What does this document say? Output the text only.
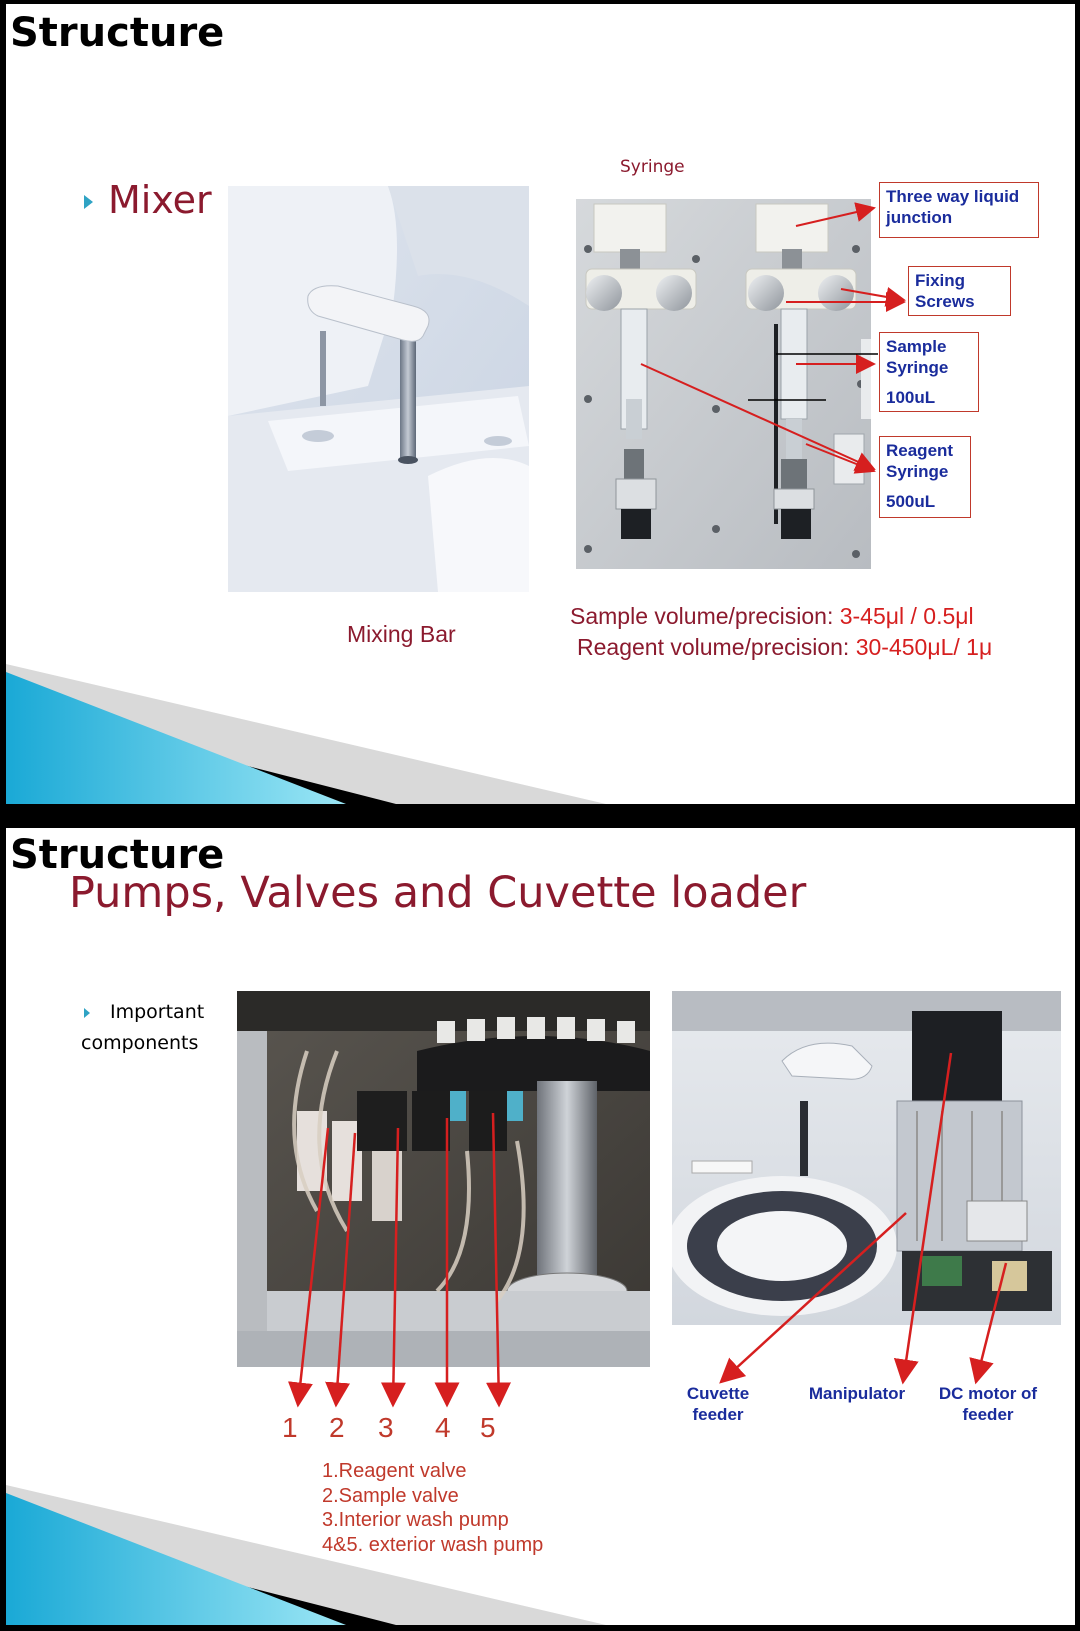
Structure
Mixer
Syringe
Three way liquid junction
Fixing Screws
Sample Syringe
100uL
Reagent Syringe
500uL
Mixing Bar
Sample volume/precision: 3-45μl / 0.5μl
Reagent volume/precision: 30-450μL/ 1μ
Structure
Pumps, Valves and Cuvette loader
Important
components
1 2 3 4 5
1.Reagent valve
2.Sample valve
3.Interior wash pump
4&5. exterior wash pump
Cuvette
feeder
Manipulator	DC motor of
feeder
